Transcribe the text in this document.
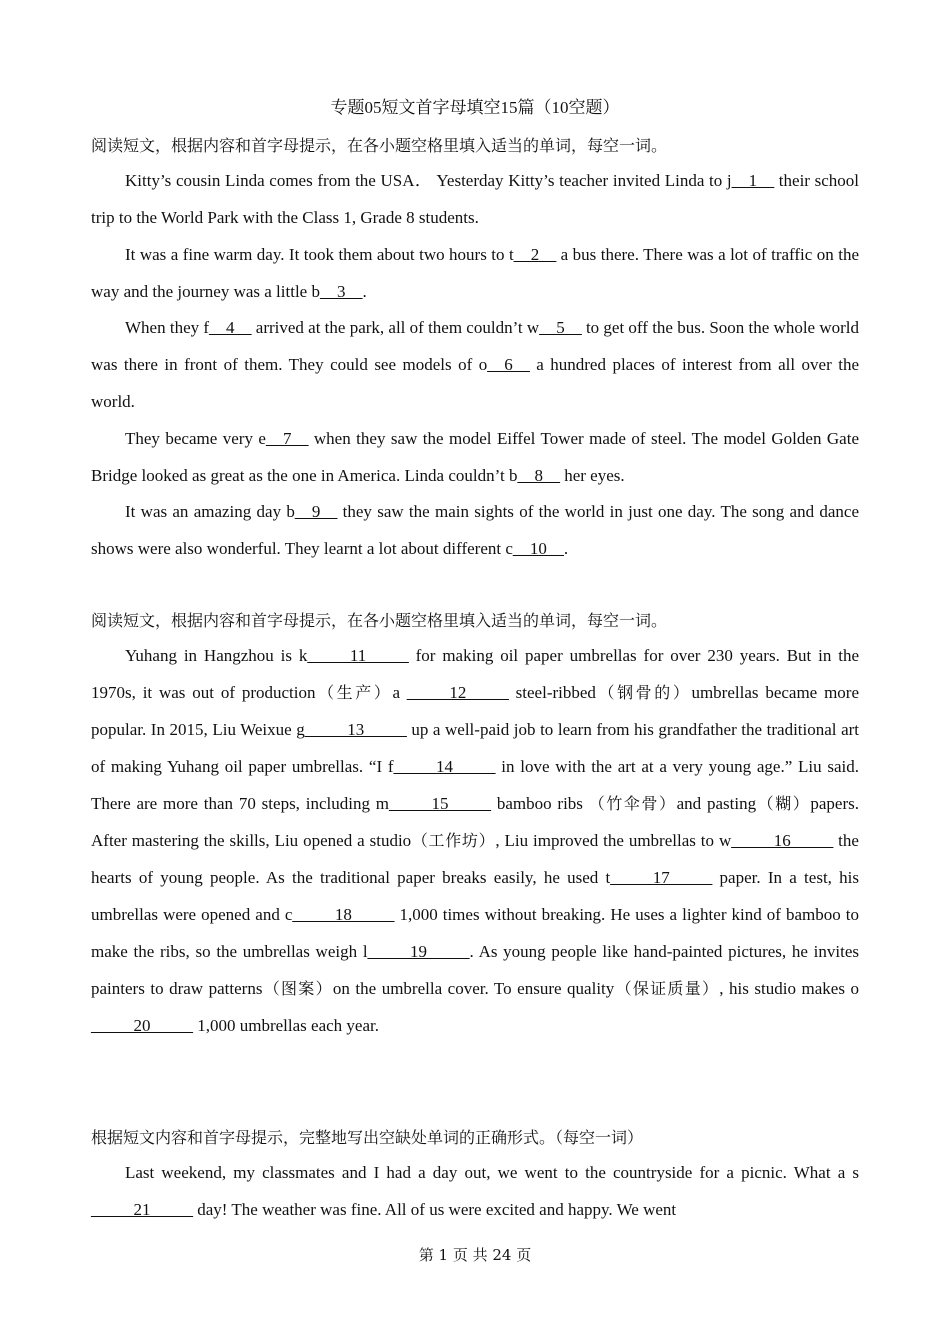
专题05短文首字母填空15篇（10空题）
阅读短文，根据内容和首字母提示，在各小题空格里填入适当的单词，每空一词。
Kitty’s cousin Linda comes from the USA． Yesterday Kitty’s teacher invited Linda to j__1__ their school trip to the World Park with the Class 1, Grade 8 students.
It was a fine warm day. It took them about two hours to t__2__ a bus there. There was a lot of traffic on the way and the journey was a little b__3__.
When they f__4__ arrived at the park, all of them couldn’t w__5__ to get off the bus. Soon the whole world was there in front of them. They could see models of o__6__ a hundred places of interest from all over the world.
They became very e__7__ when they saw the model Eiffel Tower made of steel. The model Golden Gate Bridge looked as great as the one in America. Linda couldn’t b__8__ her eyes.
It was an amazing day b__9__ they saw the main sights of the world in just one day. The song and dance shows were also wonderful. They learnt a lot about different c__10__.
阅读短文，根据内容和首字母提示，在各小题空格里填入适当的单词，每空一词。
Yuhang in Hangzhou is k_____11_____ for making oil paper umbrellas for over 230 years. But in the 1970s, it was out of production（生产）a _____12_____ steel-ribbed（钢骨的）umbrellas became more popular. In 2015, Liu Weixue g_____13_____ up a well-paid job to learn from his grandfather the traditional art of making Yuhang oil paper umbrellas. “I f_____14_____ in love with the art at a very young age.” Liu said. There are more than 70 steps, including m_____15_____ bamboo ribs （竹伞骨）and pasting（糊）papers. After mastering the skills, Liu opened a studio（工作坊）, Liu improved the umbrellas to w_____16_____ the hearts of young people. As the traditional paper breaks easily, he used t_____17_____ paper. In a test, his umbrellas were opened and c_____18_____ 1,000 times without breaking. He uses a lighter kind of bamboo to make the ribs, so the umbrellas weigh l_____19_____. As young people like hand-painted pictures, he invites painters to draw patterns（图案）on the umbrella cover. To ensure quality（保证质量）, his studio makes o_____20_____ 1,000 umbrellas each year.
根据短文内容和首字母提示，完整地写出空缺处单词的正确形式。（每空一词）
Last weekend, my classmates and I had a day out, we went to the countryside for a picnic. What a s_____21_____ day! The weather was fine. All of us were excited and happy. We went
第 1 页 共 24 页
